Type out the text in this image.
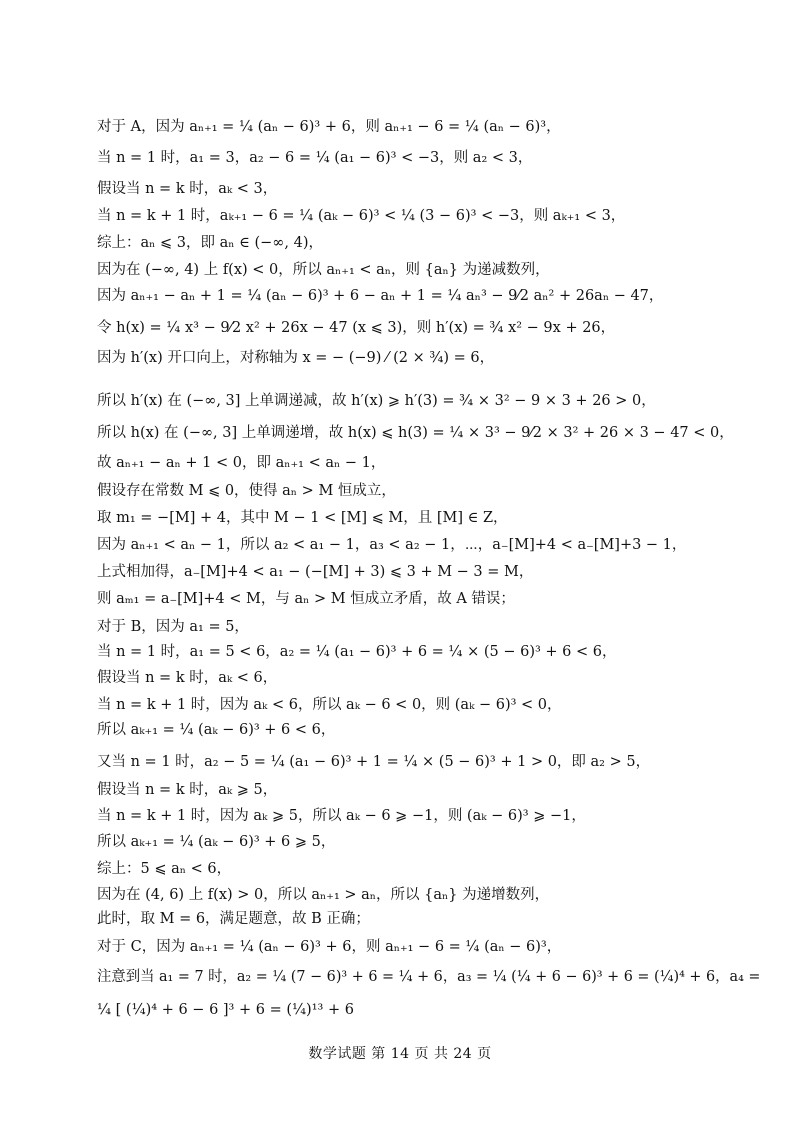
对于 A，因为 aₙ₊₁ = ¼ (aₙ − 6)³ + 6，则 aₙ₊₁ − 6 = ¼ (aₙ − 6)³，
当 n = 1 时，a₁ = 3，a₂ − 6 = ¼ (a₁ − 6)³ < −3，则 a₂ < 3，
假设当 n = k 时，aₖ < 3，
当 n = k + 1 时，aₖ₊₁ − 6 = ¼ (aₖ − 6)³ < ¼ (3 − 6)³ < −3，则 aₖ₊₁ < 3，
综上：aₙ ⩽ 3，即 aₙ ∈ (−∞, 4)，
因为在 (−∞, 4) 上 f(x) < 0，所以 aₙ₊₁ < aₙ，则 {aₙ} 为递减数列，
因为 aₙ₊₁ − aₙ + 1 = ¼ (aₙ − 6)³ + 6 − aₙ + 1 = ¼ aₙ³ − 9⁄2 aₙ² + 26aₙ − 47，
令 h(x) = ¼ x³ − 9⁄2 x² + 26x − 47 (x ⩽ 3)，则 h′(x) = ¾ x² − 9x + 26，
因为 h′(x) 开口向上，对称轴为 x = − (−9) ⁄ (2 × ¾) = 6，
所以 h′(x) 在 (−∞, 3] 上单调递减，故 h′(x) ⩾ h′(3) = ¾ × 3² − 9 × 3 + 26 > 0，
所以 h(x) 在 (−∞, 3] 上单调递增，故 h(x) ⩽ h(3) = ¼ × 3³ − 9⁄2 × 3² + 26 × 3 − 47 < 0，
故 aₙ₊₁ − aₙ + 1 < 0，即 aₙ₊₁ < aₙ − 1，
假设存在常数 M ⩽ 0，使得 aₙ > M 恒成立，
取 m₁ = −[M] + 4，其中 M − 1 < [M] ⩽ M，且 [M] ∈ Z，
因为 aₙ₊₁ < aₙ − 1，所以 a₂ < a₁ − 1，a₃ < a₂ − 1，⋯，a₋[M]+4 < a₋[M]+3 − 1，
上式相加得，a₋[M]+4 < a₁ − (−[M] + 3) ⩽ 3 + M − 3 = M，
则 aₘ₁ = a₋[M]+4 < M，与 aₙ > M 恒成立矛盾，故 A 错误；
对于 B，因为 a₁ = 5，
当 n = 1 时，a₁ = 5 < 6，a₂ = ¼ (a₁ − 6)³ + 6 = ¼ × (5 − 6)³ + 6 < 6，
假设当 n = k 时，aₖ < 6，
当 n = k + 1 时，因为 aₖ < 6，所以 aₖ − 6 < 0，则 (aₖ − 6)³ < 0，
所以 aₖ₊₁ = ¼ (aₖ − 6)³ + 6 < 6，
又当 n = 1 时，a₂ − 5 = ¼ (a₁ − 6)³ + 1 = ¼ × (5 − 6)³ + 1 > 0，即 a₂ > 5，
假设当 n = k 时，aₖ ⩾ 5，
当 n = k + 1 时，因为 aₖ ⩾ 5，所以 aₖ − 6 ⩾ −1，则 (aₖ − 6)³ ⩾ −1，
所以 aₖ₊₁ = ¼ (aₖ − 6)³ + 6 ⩾ 5，
综上：5 ⩽ aₙ < 6，
因为在 (4, 6) 上 f(x) > 0，所以 aₙ₊₁ > aₙ，所以 {aₙ} 为递增数列，
此时，取 M = 6，满足题意，故 B 正确；
对于 C，因为 aₙ₊₁ = ¼ (aₙ − 6)³ + 6，则 aₙ₊₁ − 6 = ¼ (aₙ − 6)³，
注意到当 a₁ = 7 时，a₂ = ¼ (7 − 6)³ + 6 = ¼ + 6，a₃ = ¼ (¼ + 6 − 6)³ + 6 = (¼)⁴ + 6，a₄ =
¼ [ (¼)⁴ + 6 − 6 ]³ + 6 = (¼)¹³ + 6
数学试题 第 14 页 共 24 页
